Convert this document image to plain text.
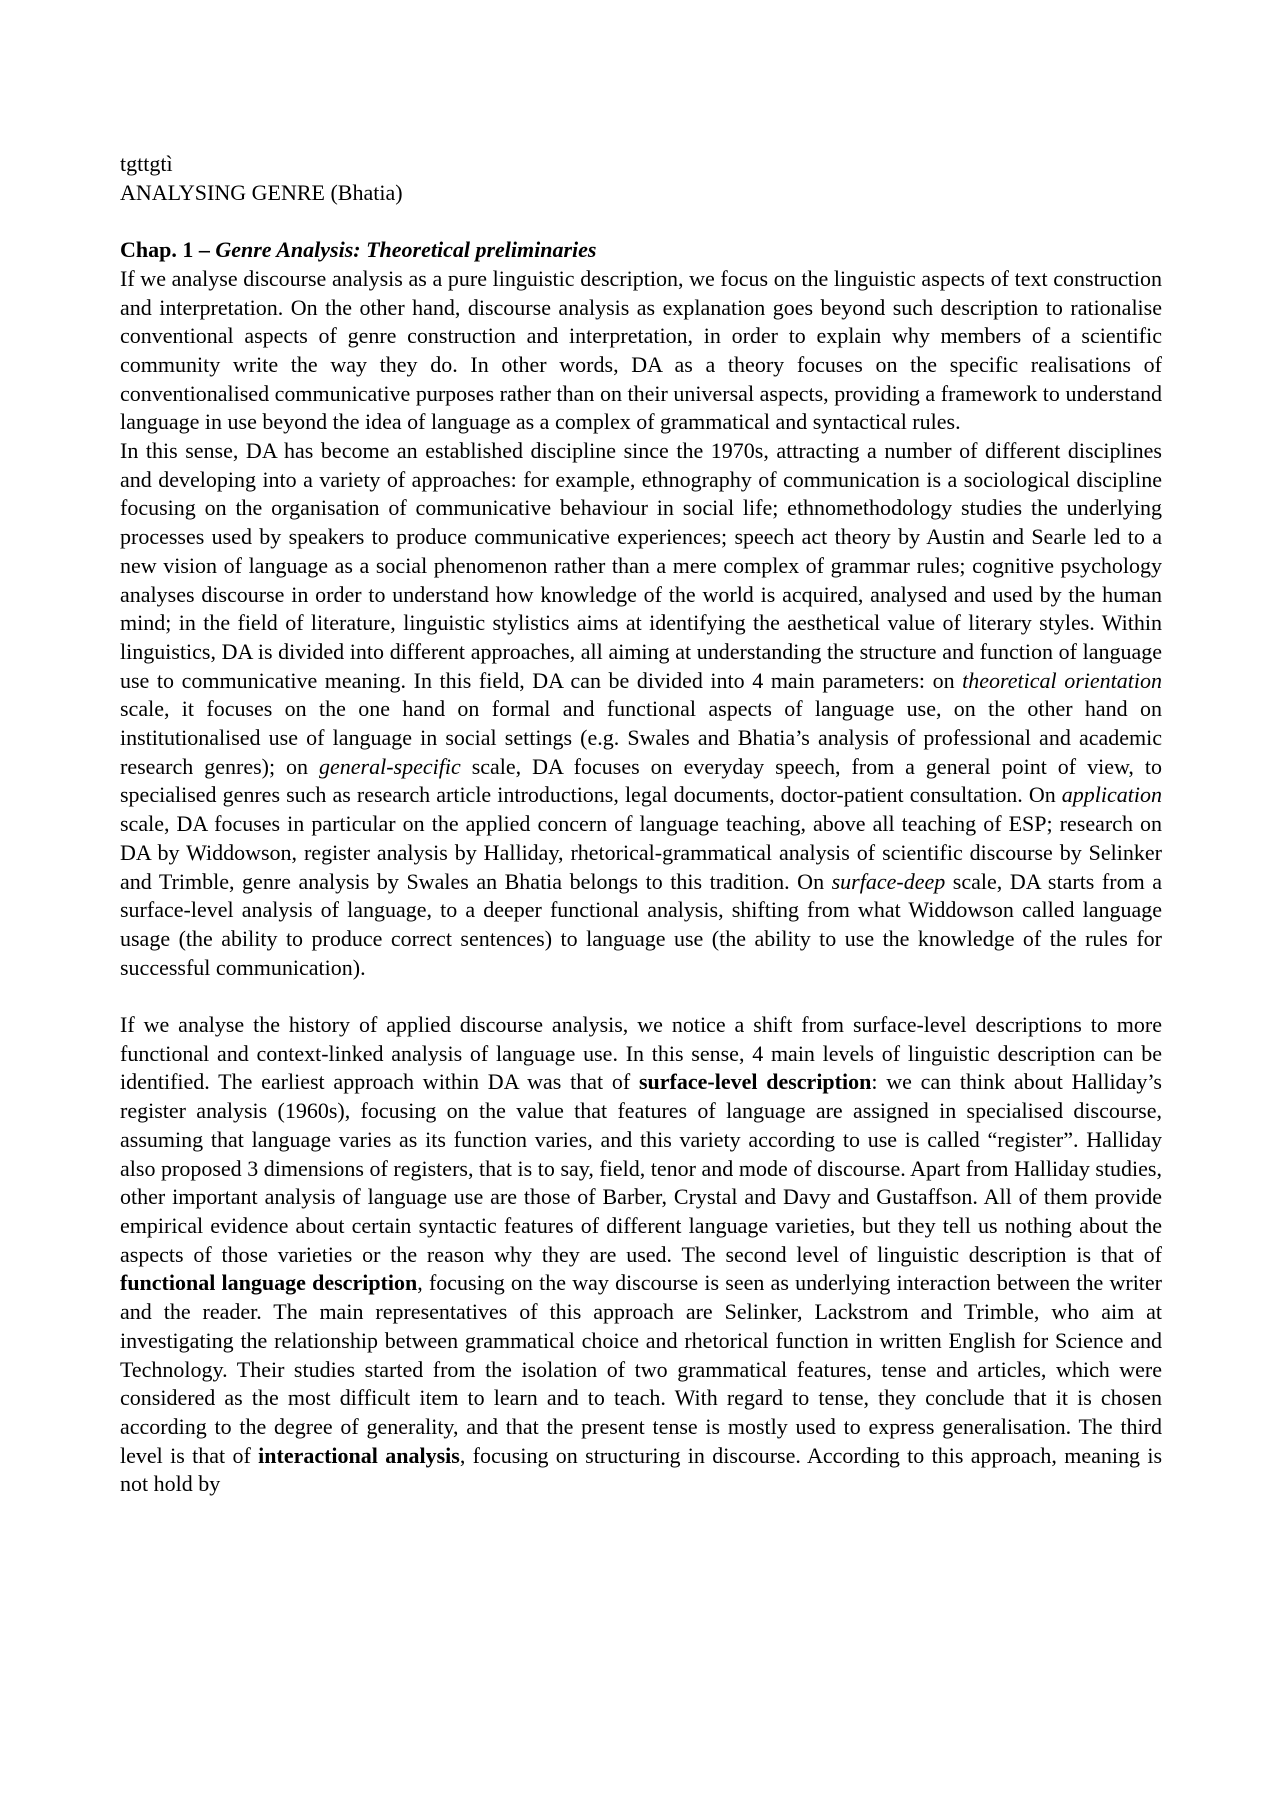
tgttgtì

ANALYSING GENRE (Bhatia)

Chap. 1 – Genre Analysis: Theoretical preliminaries

If we analyse discourse analysis as a pure linguistic description, we focus on the linguistic aspects of text construction and interpretation. On the other hand, discourse analysis as explanation goes beyond such description to rationalise conventional aspects of genre construction and interpretation, in order to explain why members of a scientific community write the way they do. In other words, DA as a theory focuses on the specific realisations of conventionalised communicative purposes rather than on their universal aspects, providing a framework to understand language in use beyond the idea of language as a complex of grammatical and syntactical rules.

In this sense, DA has become an established discipline since the 1970s, attracting a number of different disciplines and developing into a variety of approaches: for example, ethnography of communication is a sociological discipline focusing on the organisation of communicative behaviour in social life; ethnomethodology studies the underlying processes used by speakers to produce communicative experiences; speech act theory by Austin and Searle led to a new vision of language as a social phenomenon rather than a mere complex of grammar rules; cognitive psychology analyses discourse in order to understand how knowledge of the world is acquired, analysed and used by the human mind; in the field of literature, linguistic stylistics aims at identifying the aesthetical value of literary styles. Within linguistics, DA is divided into different approaches, all aiming at understanding the structure and function of language use to communicative meaning. In this field, DA can be divided into 4 main parameters: on theoretical orientation scale, it focuses on the one hand on formal and functional aspects of language use, on the other hand on institutionalised use of language in social settings (e.g. Swales and Bhatia’s analysis of professional and academic research genres); on general-specific scale, DA focuses on everyday speech, from a general point of view, to specialised genres such as research article introductions, legal documents, doctor-patient consultation. On application scale, DA focuses in particular on the applied concern of language teaching, above all teaching of ESP; research on DA by Widdowson, register analysis by Halliday, rhetorical-grammatical analysis of scientific discourse by Selinker and Trimble, genre analysis by Swales an Bhatia belongs to this tradition. On surface-deep scale, DA starts from a surface-level analysis of language, to a deeper functional analysis, shifting from what Widdowson called language usage (the ability to produce correct sentences) to language use (the ability to use the knowledge of the rules for successful communication).

If we analyse the history of applied discourse analysis, we notice a shift from surface-level descriptions to more functional and context-linked analysis of language use. In this sense, 4 main levels of linguistic description can be identified. The earliest approach within DA was that of surface-level description: we can think about Halliday’s register analysis (1960s), focusing on the value that features of language are assigned in specialised discourse, assuming that language varies as its function varies, and this variety according to use is called “register”. Halliday also proposed 3 dimensions of registers, that is to say, field, tenor and mode of discourse. Apart from Halliday studies, other important analysis of language use are those of Barber, Crystal and Davy and Gustaffson. All of them provide empirical evidence about certain syntactic features of different language varieties, but they tell us nothing about the aspects of those varieties or the reason why they are used. The second level of linguistic description is that of functional language description, focusing on the way discourse is seen as underlying interaction between the writer and the reader. The main representatives of this approach are Selinker, Lackstrom and Trimble, who aim at investigating the relationship between grammatical choice and rhetorical function in written English for Science and Technology. Their studies started from the isolation of two grammatical features, tense and articles, which were considered as the most difficult item to learn and to teach. With regard to tense, they conclude that it is chosen according to the degree of generality, and that the present tense is mostly used to express generalisation. The third level is that of interactional analysis, focusing on structuring in discourse. According to this approach, meaning is not hold by
